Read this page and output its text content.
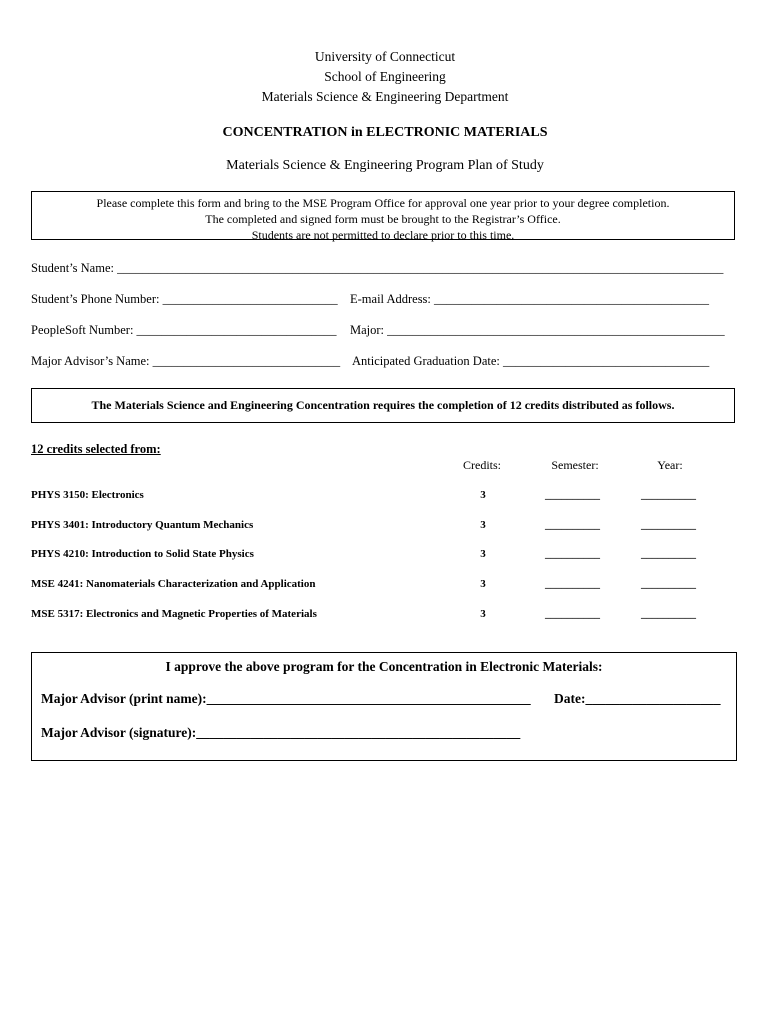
University of Connecticut
School of Engineering
Materials Science & Engineering Department
CONCENTRATION in ELECTRONIC MATERIALS
Materials Science & Engineering Program Plan of Study
Please complete this form and bring to the MSE Program Office for approval one year prior to your degree completion.
The completed and signed form must be brought to the Registrar’s Office.
Students are not permitted to declare prior to this time.
Student’s Name: _________________________________________________________________________________________________
Student’s Phone Number: ____________________________ E-mail Address: ____________________________________________
PeopleSoft Number: ________________________________ Major: ______________________________________________________
Major Advisor’s Name: ______________________________ Anticipated Graduation Date: _________________________________
The Materials Science and Engineering Concentration requires the completion of 12 credits distributed as follows.
12 credits selected from:
Credits:	Semester:	Year:
PHYS 3150: Electronics	3	__________	__________
PHYS 3401: Introductory Quantum Mechanics	3	__________	__________
PHYS 4210: Introduction to Solid State Physics	3	__________	__________
MSE 4241: Nanomaterials Characterization and Application	3	__________	__________
MSE 5317: Electronics and Magnetic Properties of Materials	3	__________	__________
I approve the above program for the Concentration in Electronic Materials:
Major Advisor (print name):________________________________________________ Date:____________________
Major Advisor (signature):________________________________________________
